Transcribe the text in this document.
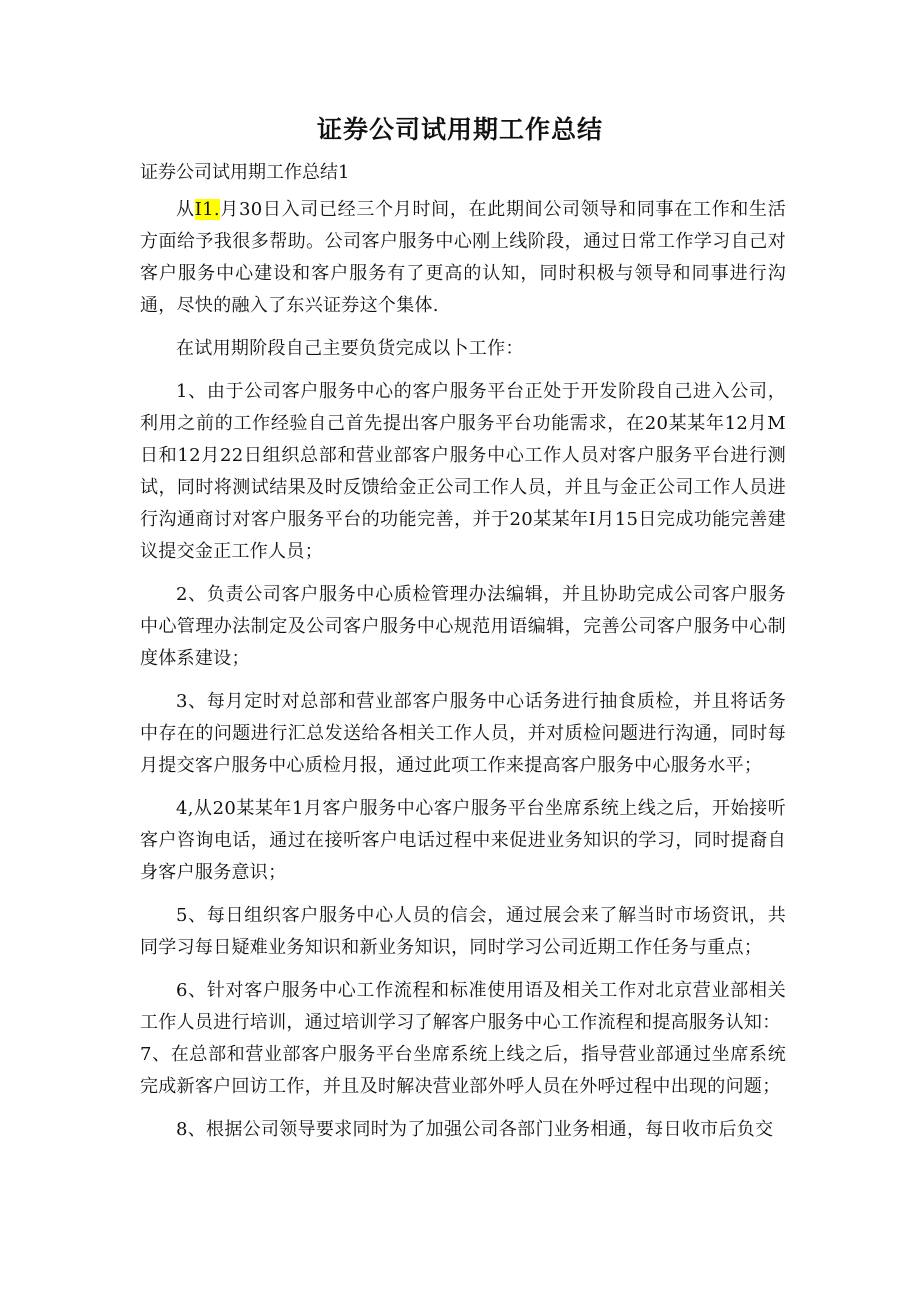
证券公司试用期工作总结

证券公司试用期工作总结1

从I1.月30日入司已经三个月时间，在此期间公司领导和同事在工作和生活方面给予我很多帮助。公司客户服务中心刚上线阶段，通过日常工作学习自己对客户服务中心建设和客户服务有了更高的认知，同时积极与领导和同事进行沟通，尽快的融入了东兴证券这个集体.

在试用期阶段自己主要负货完成以卜工作：

1、由于公司客户服务中心的客户服务平台正处于开发阶段自己进入公司，利用之前的工作经验自己首先提出客户服务平台功能需求，在20某某年12月M日和12月22日组织总部和营业部客户服务中心工作人员对客户服务平台进行测试，同时将测试结果及时反馈给金正公司工作人员，并且与金正公司工作人员进行沟通商讨对客户服务平台的功能完善，并于20某某年I月15日完成功能完善建议提交金正工作人员；

2、负责公司客户服务中心质检管理办法编辑，并且协助完成公司客户服务中心管理办法制定及公司客户服务中心规范用语编辑，完善公司客户服务中心制度体系建设；

3、每月定时对总部和营业部客户服务中心话务进行抽食质检，并且将话务中存在的问题进行汇总发送给各相关工作人员，并对质检问题进行沟通，同时每月提交客户服务中心质检月报，通过此项工作来提高客户服务中心服务水平；

4,从20某某年1月客户服务中心客户服务平台坐席系统上线之后，开始接听客户咨询电话，通过在接听客户电话过程中来促进业务知识的学习，同时提裔自身客户服务意识；

5、每日组织客户服务中心人员的信会，通过展会来了解当时市场资讯，共同学习每日疑难业务知识和新业务知识，同时学习公司近期工作任务与重点；

6、针对客户服务中心工作流程和标准使用语及相关工作对北京营业部相关工作人员进行培训，通过培训学习了解客户服务中心工作流程和提高服务认知：

7、在总部和营业部客户服务平台坐席系统上线之后，指导营业部通过坐席系统完成新客户回访工作，并且及时解决营业部外呼人员在外呼过程中出现的问题；

8、根据公司领导要求同时为了加强公司各部门业务相通，每日收市后负交
